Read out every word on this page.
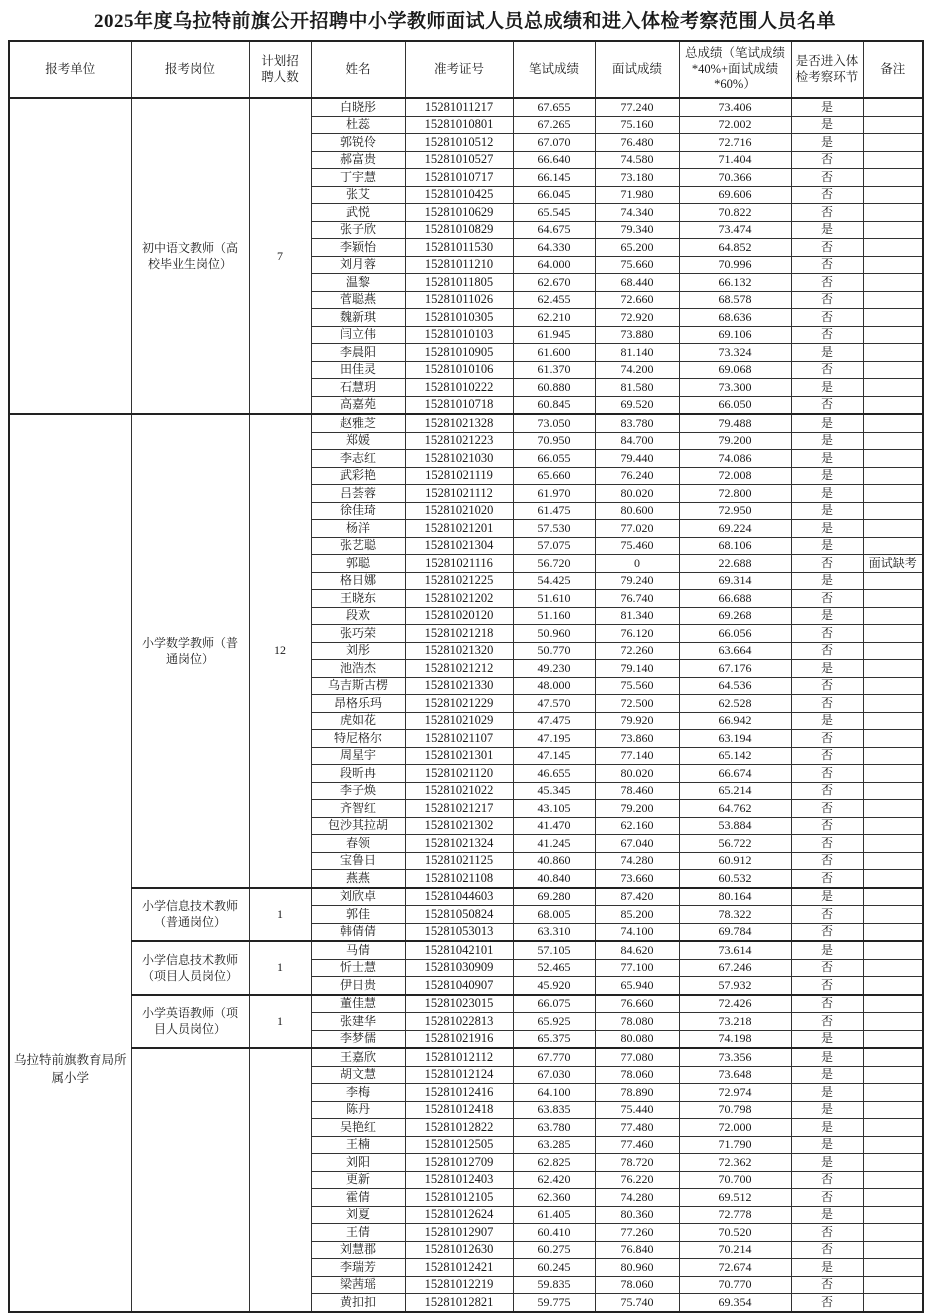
2025年度乌拉特前旗公开招聘中小学教师面试人员总成绩和进入体检考察范围人员名单
报考单位	报考岗位	计划招聘人数	姓名	准考证号	笔试成绩	面试成绩	总成绩（笔试成绩*40%+面试成绩*60%）	是否进入体检考察环节	备注
	初中语文教师（高校毕业生岗位）	7	白晓彤	15281011217	67.655	77.240	73.406	是	
			杜蕊	15281010801	67.265	75.160	72.002	是	
			郭锐伶	15281010512	67.070	76.480	72.716	是	
			郝富贵	15281010527	66.640	74.580	71.404	否	
			丁宇慧	15281010717	66.145	73.180	70.366	否	
			张艾	15281010425	66.045	71.980	69.606	否	
			武悦	15281010629	65.545	74.340	70.822	否	
			张子欣	15281010829	64.675	79.340	73.474	是	
			李颖怡	15281011530	64.330	65.200	64.852	否	
			刘月蓉	15281011210	64.000	75.660	70.996	否	
			温黎	15281011805	62.670	68.440	66.132	否	
			菅聪燕	15281011026	62.455	72.660	68.578	否	
			魏新琪	15281010305	62.210	72.920	68.636	否	
			闫立伟	15281010103	61.945	73.880	69.106	否	
			李晨阳	15281010905	61.600	81.140	73.324	是	
			田佳灵	15281010106	61.370	74.200	69.068	否	
			石慧玥	15281010222	60.880	81.580	73.300	是	
			高嘉苑	15281010718	60.845	69.520	66.050	否	

乌拉特前旗教育局所属小学	小学数学教师（普通岗位）	12	赵雅芝	15281021328	73.050	83.780	79.488	是	
			郑媛	15281021223	70.950	84.700	79.200	是	
			李志红	15281021030	66.055	79.440	74.086	是	
			武彩艳	15281021119	65.660	76.240	72.008	是	
			吕荟蓉	15281021112	61.970	80.020	72.800	是	
			徐佳琦	15281021020	61.475	80.600	72.950	是	
			杨洋	15281021201	57.530	77.020	69.224	是	
			张艺聪	15281021304	57.075	75.460	68.106	是	
			郭聪	15281021116	56.720	0	22.688	否	面试缺考
			格日娜	15281021225	54.425	79.240	69.314	是	
			王晓东	15281021202	51.610	76.740	66.688	否	
			段欢	15281020120	51.160	81.340	69.268	是	
			张巧荣	15281021218	50.960	76.120	66.056	否	
			刘彤	15281021320	50.770	72.260	63.664	否	
			池浩杰	15281021212	49.230	79.140	67.176	是	
			乌吉斯古楞	15281021330	48.000	75.560	64.536	否	
			昂格乐玛	15281021229	47.570	72.500	62.528	否	
			虎如花	15281021029	47.475	79.920	66.942	是	
			特尼格尔	15281021107	47.195	73.860	63.194	否	
			周星宇	15281021301	47.145	77.140	65.142	否	
			段昕冉	15281021120	46.655	80.020	66.674	否	
			李子焕	15281021022	45.345	78.460	65.214	否	
			齐智红	15281021217	43.105	79.200	64.762	否	
			包沙其拉胡	15281021302	41.470	62.160	53.884	否	
			春领	15281021324	41.245	67.040	56.722	否	
			宝鲁日	15281021125	40.860	74.280	60.912	否	
			燕燕	15281021108	40.840	73.660	60.532	否	
	小学信息技术教师（普通岗位）	1	刘欣卓	15281044603	69.280	87.420	80.164	是	
			郭佳	15281050824	68.005	85.200	78.322	否	
			韩倩倩	15281053013	63.310	74.100	69.784	否	
	小学信息技术教师（项目人员岗位）	1	马倩	15281042101	57.105	84.620	73.614	是	
			忻士慧	15281030909	52.465	77.100	67.246	否	
			伊日贵	15281040907	45.920	65.940	57.932	否	
	小学英语教师（项目人员岗位）	1	董佳慧	15281023015	66.075	76.660	72.426	否	
			张建华	15281022813	65.925	78.080	73.218	否	
			李梦儒	15281021916	65.375	80.080	74.198	是	
			王嘉欣	15281012112	67.770	77.080	73.356	是	
			胡文慧	15281012124	67.030	78.060	73.648	是	
			李梅	15281012416	64.100	78.890	72.974	是	
			陈丹	15281012418	63.835	75.440	70.798	是	
			吴艳红	15281012822	63.780	77.480	72.000	是	
			王楠	15281012505	63.285	77.460	71.790	是	
			刘阳	15281012709	62.825	78.720	72.362	是	
			更新	15281012403	62.420	76.220	70.700	否	
			霍倩	15281012105	62.360	74.280	69.512	否	
			刘夏	15281012624	61.405	80.360	72.778	是	
			王倩	15281012907	60.410	77.260	70.520	否	
			刘慧郡	15281012630	60.275	76.840	70.214	否	
			李瑞芳	15281012421	60.245	80.960	72.674	是	
			梁茜瑶	15281012219	59.835	78.060	70.770	否	
			黄扣扣	15281012821	59.775	75.740	69.354	否	
